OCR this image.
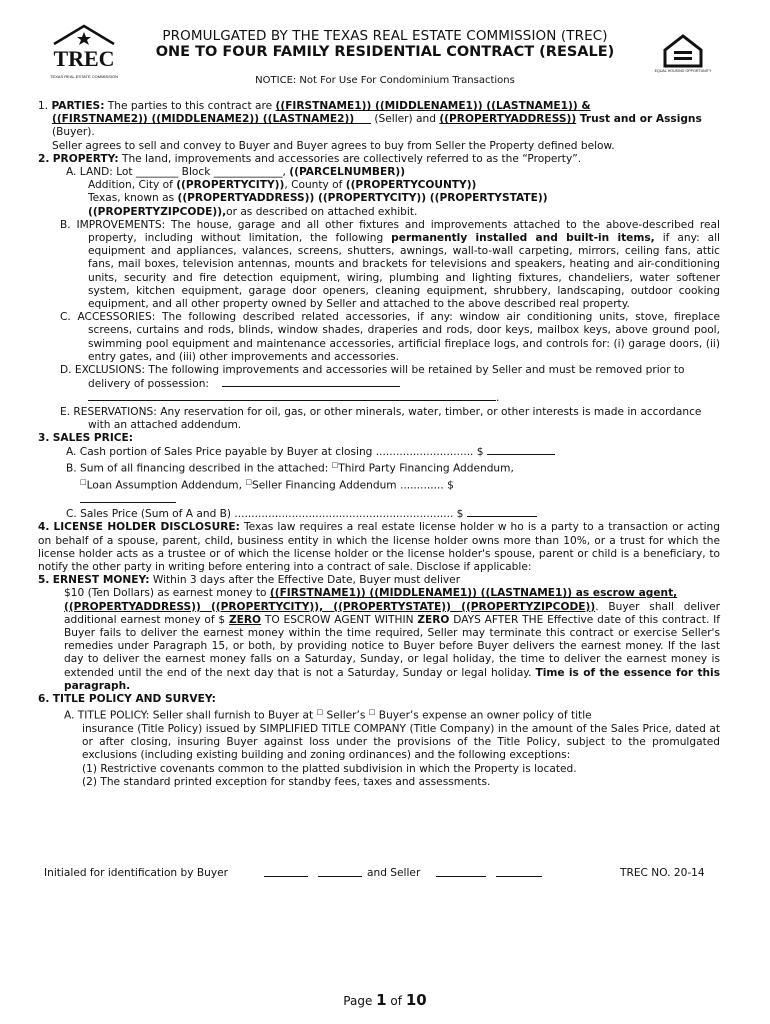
TREC
TEXAS REAL ESTATE COMMISSION
PROMULGATED BY THE TEXAS REAL ESTATE COMMISSION (TREC)
ONE TO FOUR FAMILY RESIDENTIAL CONTRACT (RESALE)
NOTICE: Not For Use For Condominium Transactions
EQUAL HOUSING OPPORTUNITY

1. PARTIES: The parties to this contract are ((FIRSTNAME1)) ((MIDDLENAME1)) ((LASTNAME1)) &

((FIRSTNAME2)) ((MIDDLENAME2)) ((LASTNAME2))      (Seller) and ((PROPERTYADDRESS)) Trust and or Assigns (Buyer).

Seller agrees to sell and convey to Buyer and Buyer agrees to buy from Seller the Property defined below.

2. PROPERTY: The land, improvements and accessories are collectively referred to as the “Property”.

A. LAND: Lot ________ Block _____________, ((PARCELNUMBER))

Addition, City of ((PROPERTYCITY)), County of ((PROPERTYCOUNTY))

Texas, known as ((PROPERTYADDRESS)) ((PROPERTYCITY)) ((PROPERTYSTATE))

((PROPERTYZIPCODE)),or as described on attached exhibit.

B. IMPROVEMENTS: The house, garage and all other fixtures and improvements attached to the above-described real property, including without limitation, the following permanently installed and built-in items, if any: all equipment and appliances, valances, screens, shutters, awnings, wall-to-wall carpeting, mirrors, ceiling fans, attic fans, mail boxes, television antennas, mounts and brackets for televisions and speakers, heating and air-conditioning units, security and fire detection equipment, wiring, plumbing and lighting fixtures, chandeliers, water softener system, kitchen equipment, garage door openers, cleaning equipment, shrubbery, landscaping, outdoor cooking equipment, and all other property owned by Seller and attached to the above described real property.

C. ACCESSORIES: The following described related accessories, if any: window air conditioning units, stove, fireplace screens, curtains and rods, blinds, window shades, draperies and rods, door keys, mailbox keys, above ground pool, swimming pool equipment and maintenance accessories, artificial fireplace logs, and controls for: (i) garage doors, (ii) entry gates, and (iii) other improvements and accessories.

D. EXCLUSIONS: The following improvements and accessories will be retained by Seller and must be removed prior to delivery of possession:

.

E. RESERVATIONS: Any reservation for oil, gas, or other minerals, water, timber, or other interests is made in accordance with an attached addendum.

3. SALES PRICE:

A. Cash portion of Sales Price payable by Buyer at closing ............................. $

B. Sum of all financing described in the attached: □Third Party Financing Addendum,

□Loan Assumption Addendum, □Seller Financing Addendum ............. $

C. Sales Price (Sum of A and B) ................................................................. $

4. LICENSE HOLDER DISCLOSURE: Texas law requires a real estate license holder w ho is a party to a transaction or acting on behalf of a spouse, parent, child, business entity in which the license holder owns more than 10%, or a trust for which the license holder acts as a trustee or of which the license holder or the license holder's spouse, parent or child is a beneficiary, to notify the other party in writing before entering into a contract of sale. Disclose if applicable:

5. ERNEST MONEY: Within 3 days after the Effective Date, Buyer must deliver

$10 (Ten Dollars) as earnest money to ((FIRSTNAME1)) ((MIDDLENAME1)) ((LASTNAME1)) as escrow agent,

((PROPERTYADDRESS)) ((PROPERTYCITY)), ((PROPERTYSTATE)) ((PROPERTYZIPCODE)). Buyer shall deliver additional earnest money of $ ZERO TO ESCROW AGENT WITHIN ZERO DAYS AFTER THE Effective date of this contract. If Buyer fails to deliver the earnest money within the time required, Seller may terminate this contract or exercise Seller's remedies under Paragraph 15, or both, by providing notice to Buyer before Buyer delivers the earnest money. If the last day to deliver the earnest money falls on a Saturday, Sunday, or legal holiday, the time to deliver the earnest money is extended until the end of the next day that is not a Saturday, Sunday or legal holiday. Time is of the essence for this paragraph.

6. TITLE POLICY AND SURVEY:

A. TITLE POLICY: Seller shall furnish to Buyer at □ Seller’s □ Buyer’s expense an owner policy of title

insurance (Title Policy) issued by SIMPLIFIED TITLE COMPANY (Title Company) in the amount of the Sales Price, dated at or after closing, insuring Buyer against loss under the provisions of the Title Policy, subject to the promulgated exclusions (including existing building and zoning ordinances) and the following exceptions:

(1) Restrictive covenants common to the platted subdivision in which the Property is located.

(2) The standard printed exception for standby fees, taxes and assessments.

Initialed for identification by Buyer
	and Seller
	TREC NO. 20-14
Page 1 of 10
